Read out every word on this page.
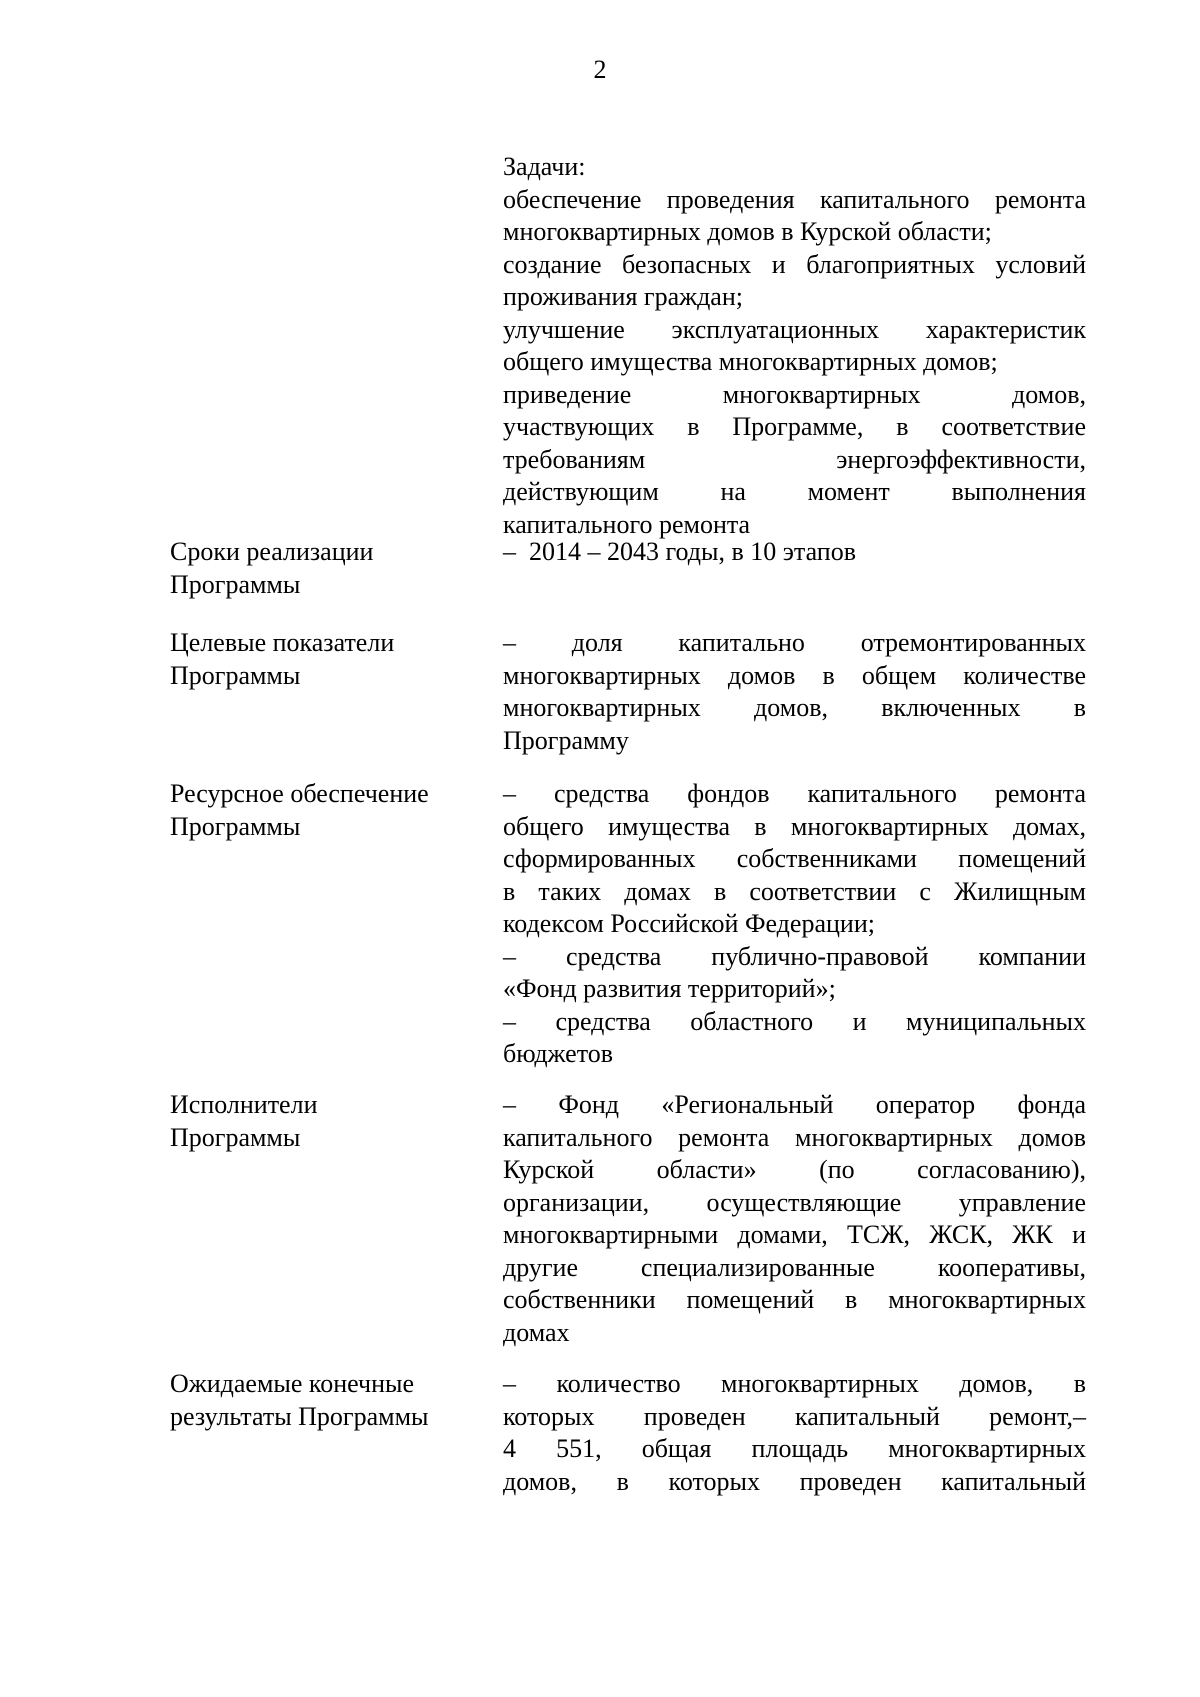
2
Задачи:
обеспечение проведения капитального ремонта
многоквартирных домов в Курской области;
создание безопасных и благоприятных условий
проживания граждан;
улучшение эксплуатационных характеристик
общего имущества многоквартирных домов;
приведение многоквартирных домов,
участвующих в Программе, в соответствие
требованиям энергоэффективности,
действующим на момент выполнения
капитального ремонта
Сроки реализации
Программы
–  2014 – 2043 годы, в 10 этапов
Целевые показатели
Программы
– доля капитально отремонтированных
многоквартирных домов в общем количестве
многоквартирных домов, включенных в
Программу
Ресурсное обеспечение
Программы
– средства фондов капитального ремонта
общего имущества в многоквартирных домах,
сформированных собственниками помещений
в таких домах в соответствии с Жилищным
кодексом Российской Федерации;
– средства публично-правовой компании
«Фонд развития территорий»;
– средства областного и муниципальных
бюджетов
Исполнители
Программы
– Фонд «Региональный оператор фонда
капитального ремонта многоквартирных домов
Курской области» (по согласованию),
организации, осуществляющие управление
многоквартирными домами, ТСЖ, ЖСК, ЖК и
другие специализированные кооперативы,
собственники помещений в многоквартирных
домах
Ожидаемые конечные
результаты Программы
– количество многоквартирных домов, в
которых проведен капитальный ремонт,–
4 551, общая площадь многоквартирных
домов, в которых проведен капитальный
